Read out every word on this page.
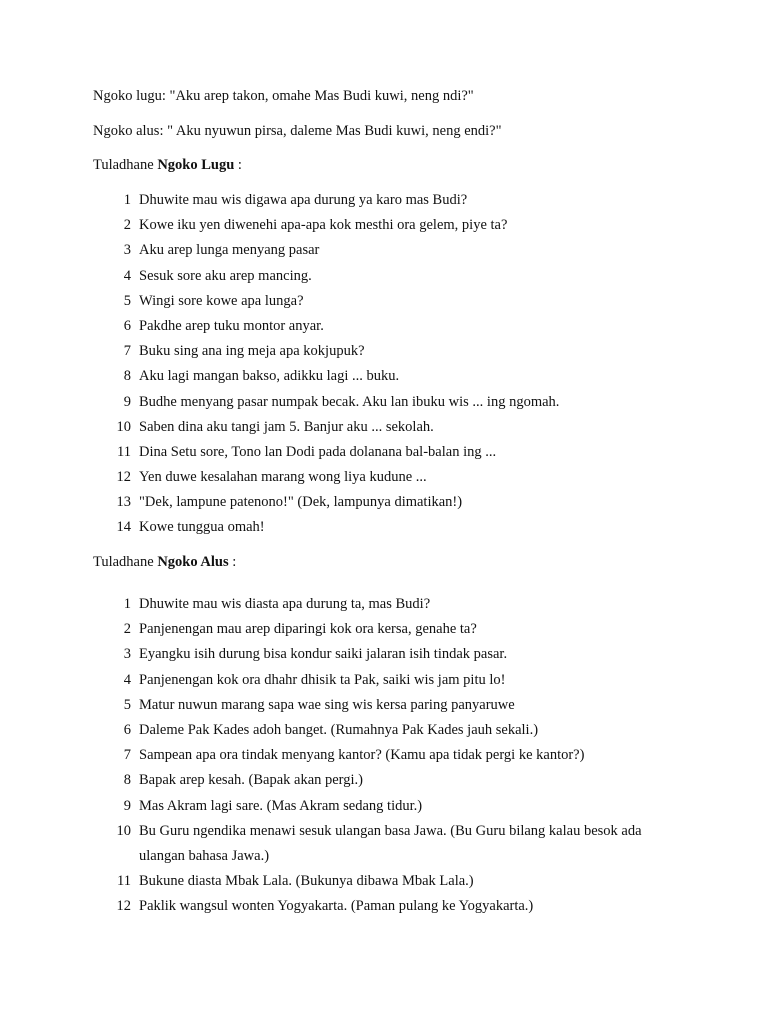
Ngoko lugu: "Aku arep takon, omahe Mas Budi kuwi, neng ndi?"

Ngoko alus: " Aku nyuwun pirsa, daleme Mas Budi kuwi, neng endi?"

Tuladhane Ngoko Lugu :

1 Dhuwite mau wis digawa apa durung ya karo mas Budi?
2 Kowe iku yen diwenehi apa-apa kok mesthi ora gelem, piye ta?
3 Aku arep lunga menyang pasar
4 Sesuk sore aku arep mancing.
5 Wingi sore kowe apa lunga?
6 Pakdhe arep tuku montor anyar.
7 Buku sing ana ing meja apa kokjupuk?
8 Aku lagi mangan bakso, adikku lagi ... buku.
9 Budhe menyang pasar numpak becak. Aku lan ibuku wis ... ing ngomah.
10 Saben dina aku tangi jam 5. Banjur aku ... sekolah.
11 Dina Setu sore, Tono lan Dodi pada dolanana bal-balan ing ...
12 Yen duwe kesalahan marang wong liya kudune ...
13 "Dek, lampune patenono!" (Dek, lampunya dimatikan!)
14 Kowe tunggua omah!

Tuladhane Ngoko Alus :

1 Dhuwite mau wis diasta apa durung ta, mas Budi?
2 Panjenengan mau arep diparingi kok ora kersa, genahe ta?
3 Eyangku isih durung bisa kondur saiki jalaran isih tindak pasar.
4 Panjenengan kok ora dhahr dhisik ta Pak, saiki wis jam pitu lo!
5 Matur nuwun marang sapa wae sing wis kersa paring panyaruwe
6 Daleme Pak Kades adoh banget. (Rumahnya Pak Kades jauh sekali.)
7 Sampean apa ora tindak menyang kantor? (Kamu apa tidak pergi ke kantor?)
8 Bapak arep kesah. (Bapak akan pergi.)
9 Mas Akram lagi sare. (Mas Akram sedang tidur.)
10 Bu Guru ngendika menawi sesuk ulangan basa Jawa. (Bu Guru bilang kalau besok ada ulangan bahasa Jawa.)
11 Bukune diasta Mbak Lala. (Bukunya dibawa Mbak Lala.)
12 Paklik wangsul wonten Yogyakarta. (Paman pulang ke Yogyakarta.)
